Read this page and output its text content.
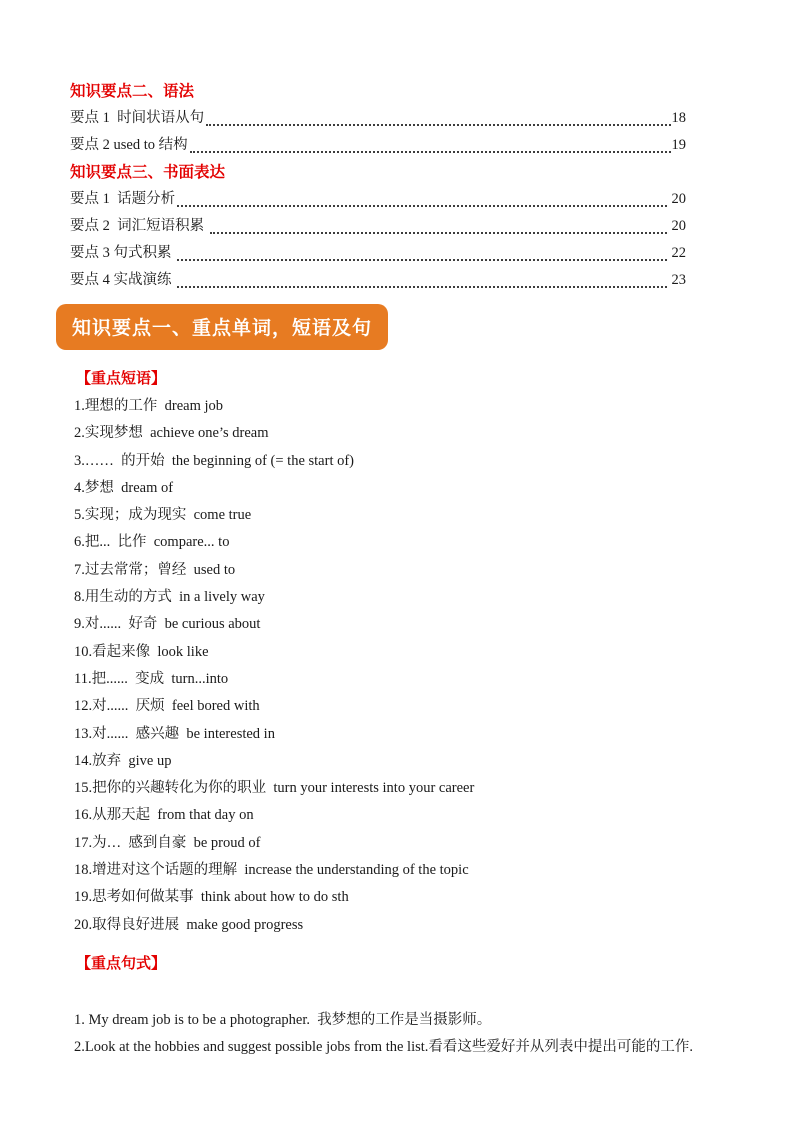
知识要点二、语法
要点 1  时间状语从句	18
要点 2 used to 结构	19
知识要点三、书面表达
要点 1  话题分析	20
要点 2  词汇短语积累	20
要点 3 句式积累	22
要点 4 实战演练	23
知识要点一、重点单词，短语及句
【重点短语】

1.理想的工作  dream job

2.实现梦想  achieve one’s dream

3.……  的开始  the beginning of (= the start of)

4.梦想  dream of

5.实现；成为现实  come true

6.把...  比作  compare... to

7.过去常常；曾经  used to

8.用生动的方式  in a lively way

9.对......  好奇  be curious about

10.看起来像  look like

11.把......  变成  turn...into

12.对......  厌烦  feel bored with

13.对......  感兴趣  be interested in

14.放弃  give up

15.把你的兴趣转化为你的职业  turn your interests into your career

16.从那天起  from that day on

17.为…  感到自豪  be proud of

18.增进对这个话题的理解  increase the understanding of the topic

19.思考如何做某事  think about how to do sth

20.取得良好进展  make good progress

【重点句式】

1. My dream job is to be a photographer.  我梦想的工作是当摄影师。

2.Look at the hobbies and suggest possible jobs from the list.看看这些爱好并从列表中提出可能的工作.
